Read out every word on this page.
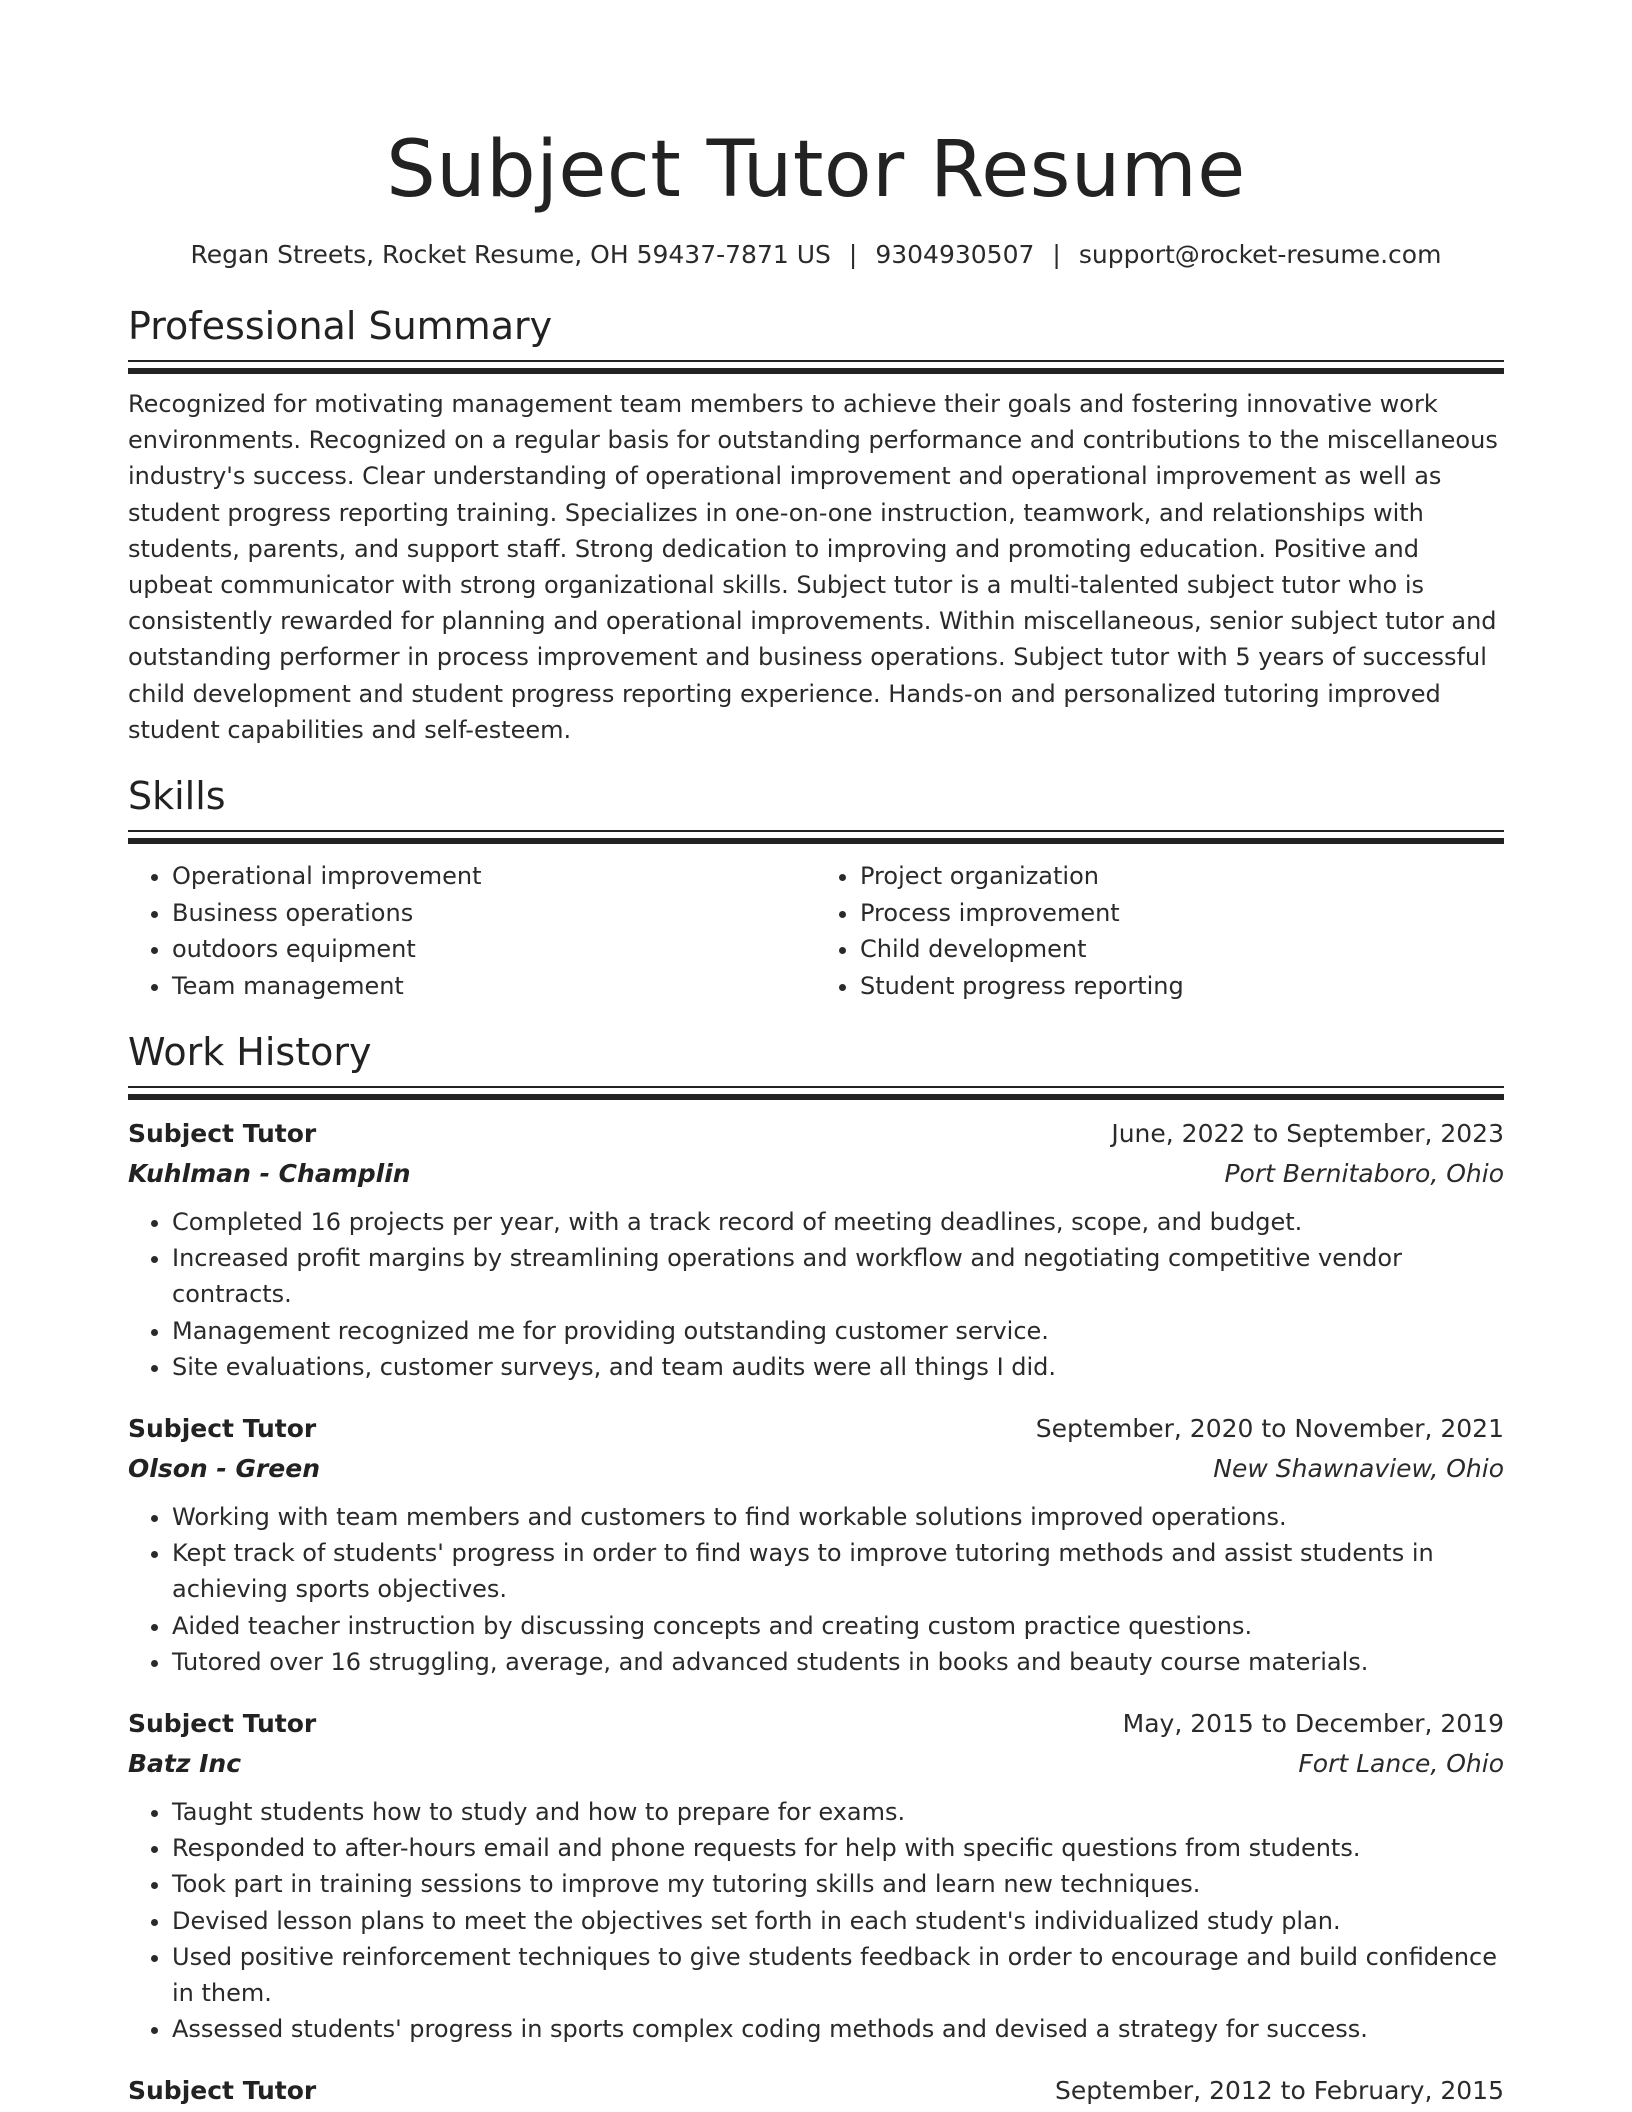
Subject Tutor Resume
Regan Streets, Rocket Resume, OH 59437-7871 US | 9304930507 | support@rocket-resume.com
Professional Summary
Recognized for motivating management team members to achieve their goals and fostering innovative work environments. Recognized on a regular basis for outstanding performance and contributions to the miscellaneous industry's success. Clear understanding of operational improvement and operational improvement as well as student progress reporting training. Specializes in one-on-one instruction, teamwork, and relationships with students, parents, and support staff. Strong dedication to improving and promoting education. Positive and upbeat communicator with strong organizational skills. Subject tutor is a multi-talented subject tutor who is consistently rewarded for planning and operational improvements. Within miscellaneous, senior subject tutor and outstanding performer in process improvement and business operations. Subject tutor with 5 years of successful child development and student progress reporting experience. Hands-on and personalized tutoring improved student capabilities and self-esteem.
Skills
• Operational improvement
• Business operations
• outdoors equipment
• Team management
• Project organization
• Process improvement
• Child development
• Student progress reporting
Work History
Subject Tutor	June, 2022 to September, 2023
Kuhlman - Champlin	Port Bernitaboro, Ohio
• Completed 16 projects per year, with a track record of meeting deadlines, scope, and budget.
• Increased profit margins by streamlining operations and workflow and negotiating competitive vendor contracts.
• Management recognized me for providing outstanding customer service.
• Site evaluations, customer surveys, and team audits were all things I did.
Subject Tutor	September, 2020 to November, 2021
Olson - Green	New Shawnaview, Ohio
• Working with team members and customers to find workable solutions improved operations.
• Kept track of students' progress in order to find ways to improve tutoring methods and assist students in achieving sports objectives.
• Aided teacher instruction by discussing concepts and creating custom practice questions.
• Tutored over 16 struggling, average, and advanced students in books and beauty course materials.
Subject Tutor	May, 2015 to December, 2019
Batz Inc	Fort Lance, Ohio
• Taught students how to study and how to prepare for exams.
• Responded to after-hours email and phone requests for help with specific questions from students.
• Took part in training sessions to improve my tutoring skills and learn new techniques.
• Devised lesson plans to meet the objectives set forth in each student's individualized study plan.
• Used positive reinforcement techniques to give students feedback in order to encourage and build confidence in them.
• Assessed students' progress in sports complex coding methods and devised a strategy for success.
Subject Tutor	September, 2012 to February, 2015
